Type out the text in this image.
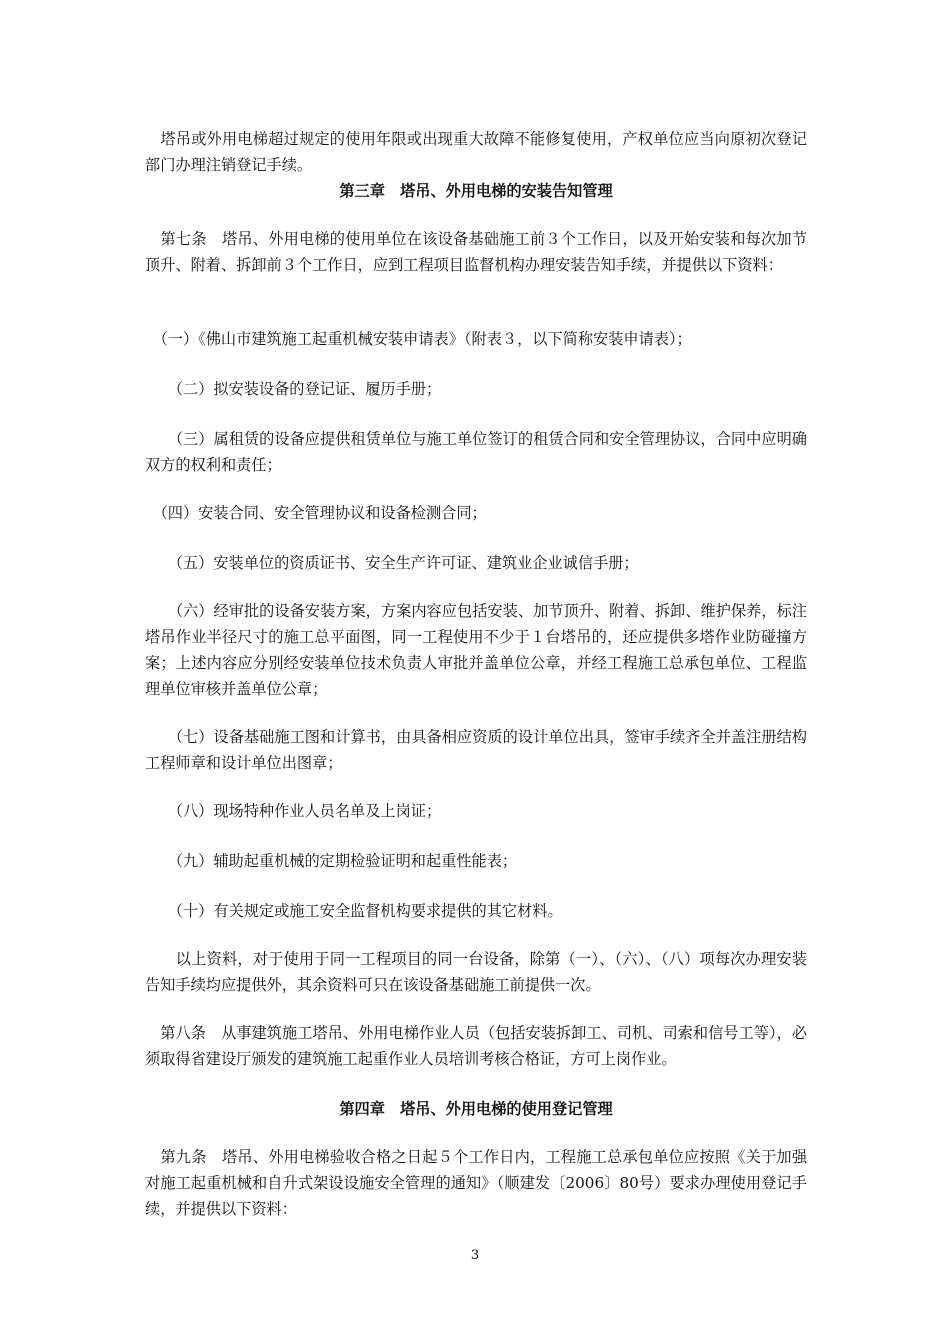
　塔吊或外用电梯超过规定的使用年限或出现重大故障不能修复使用，产权单位应当向原初次登记部门办理注销登记手续。

第三章　塔吊、外用电梯的安装告知管理

　第七条　塔吊、外用电梯的使用单位在该设备基础施工前３个工作日，以及开始安装和每次加节顶升、附着、拆卸前３个工作日，应到工程项目监督机构办理安装告知手续，并提供以下资料：

　（一）《佛山市建筑施工起重机械安装申请表》（附表３，以下简称安装申请表）；

　　（二）拟安装设备的登记证、履历手册；

　　（三）属租赁的设备应提供租赁单位与施工单位签订的租赁合同和安全管理协议，合同中应明确双方的权利和责任；

　（四）安装合同、安全管理协议和设备检测合同；

　　（五）安装单位的资质证书、安全生产许可证、建筑业企业诚信手册；

　　（六）经审批的设备安装方案，方案内容应包括安装、加节顶升、附着、拆卸、维护保养，标注塔吊作业半径尺寸的施工总平面图，同一工程使用不少于１台塔吊的，还应提供多塔作业防碰撞方案；上述内容应分别经安装单位技术负责人审批并盖单位公章，并经工程施工总承包单位、工程监理单位审核并盖单位公章；

　　（七）设备基础施工图和计算书，由具备相应资质的设计单位出具，签审手续齐全并盖注册结构工程师章和设计单位出图章；

　　（八）现场特种作业人员名单及上岗证；

　　（九）辅助起重机械的定期检验证明和起重性能表；

　　（十）有关规定或施工安全监督机构要求提供的其它材料。

　　以上资料，对于使用于同一工程项目的同一台设备，除第（一）、（六）、（八）项每次办理安装告知手续均应提供外，其余资料可只在该设备基础施工前提供一次。

　第八条　从事建筑施工塔吊、外用电梯作业人员（包括安装拆卸工、司机、司索和信号工等），必须取得省建设厅颁发的建筑施工起重作业人员培训考核合格证，方可上岗作业。

第四章　塔吊、外用电梯的使用登记管理

　第九条　塔吊、外用电梯验收合格之日起５个工作日内，工程施工总承包单位应按照《关于加强对施工起重机械和自升式架设设施安全管理的通知》（顺建发〔2006〕80号）要求办理使用登记手续，并提供以下资料：

3
